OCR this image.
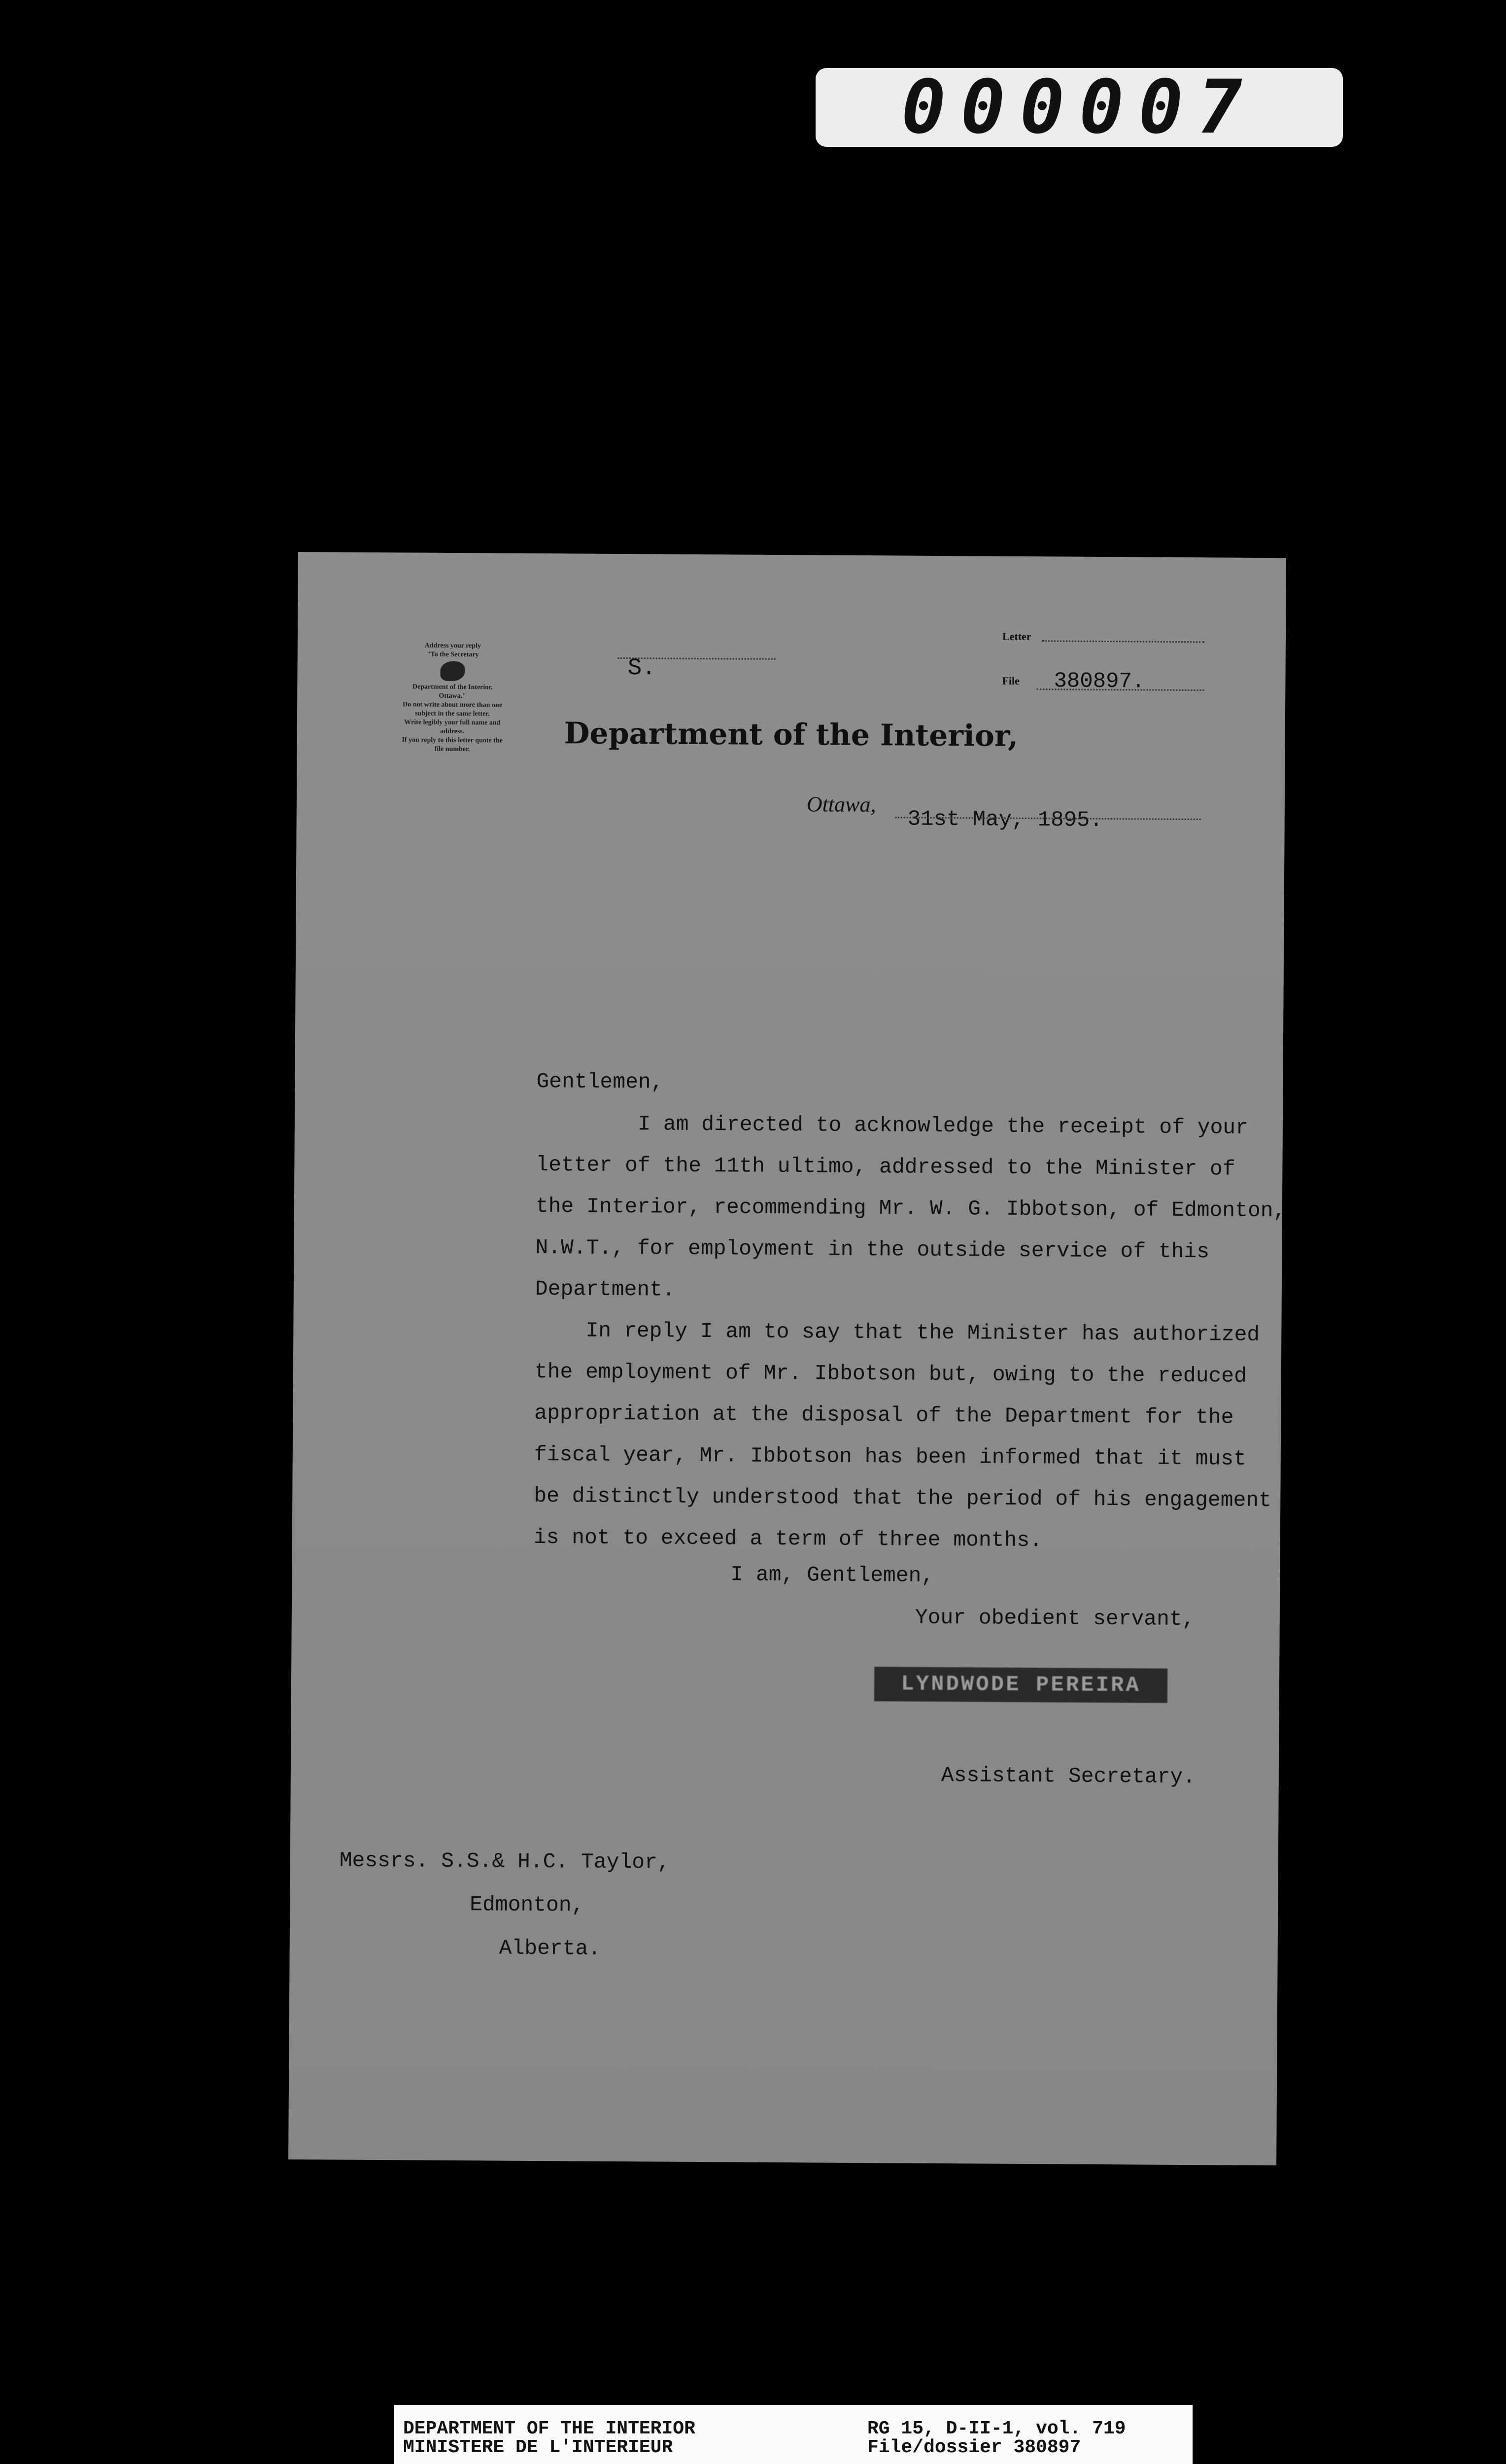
000007
Address your reply
"To the Secretary
Department of the Interior,
Ottawa."
Do not write about more than one
subject in the same letter.
Write legibly your full name and
address.
If you reply to this letter quote the
file number.
S.
Letter
File 380897.
Department of the Interior,
Ottawa,
31st May, 1895.
Gentlemen,
I am directed to acknowledge the receipt of your
letter of the 11th ultimo, addressed to the Minister of
the Interior, recommending Mr. W. G. Ibbotson, of Edmonton,
N.W.T., for employment in the outside service of this
Department.
In reply I am to say that the Minister has authorized
the employment of Mr. Ibbotson but, owing to the reduced
appropriation at the disposal of the Department for the
fiscal year, Mr. Ibbotson has been informed that it must
be distinctly understood that the period of his engagement
is not to exceed a term of three months.
I am, Gentlemen,
Your obedient servant,
LYNDWODE PEREIRA
Assistant Secretary.
Messrs. S.S.& H.C. Taylor,
Edmonton,
Alberta.
DEPARTMENT OF THE INTERIOR
MINISTERE DE L'INTERIEUR
RG 15, D-II-1, vol. 719
File/dossier 380897
